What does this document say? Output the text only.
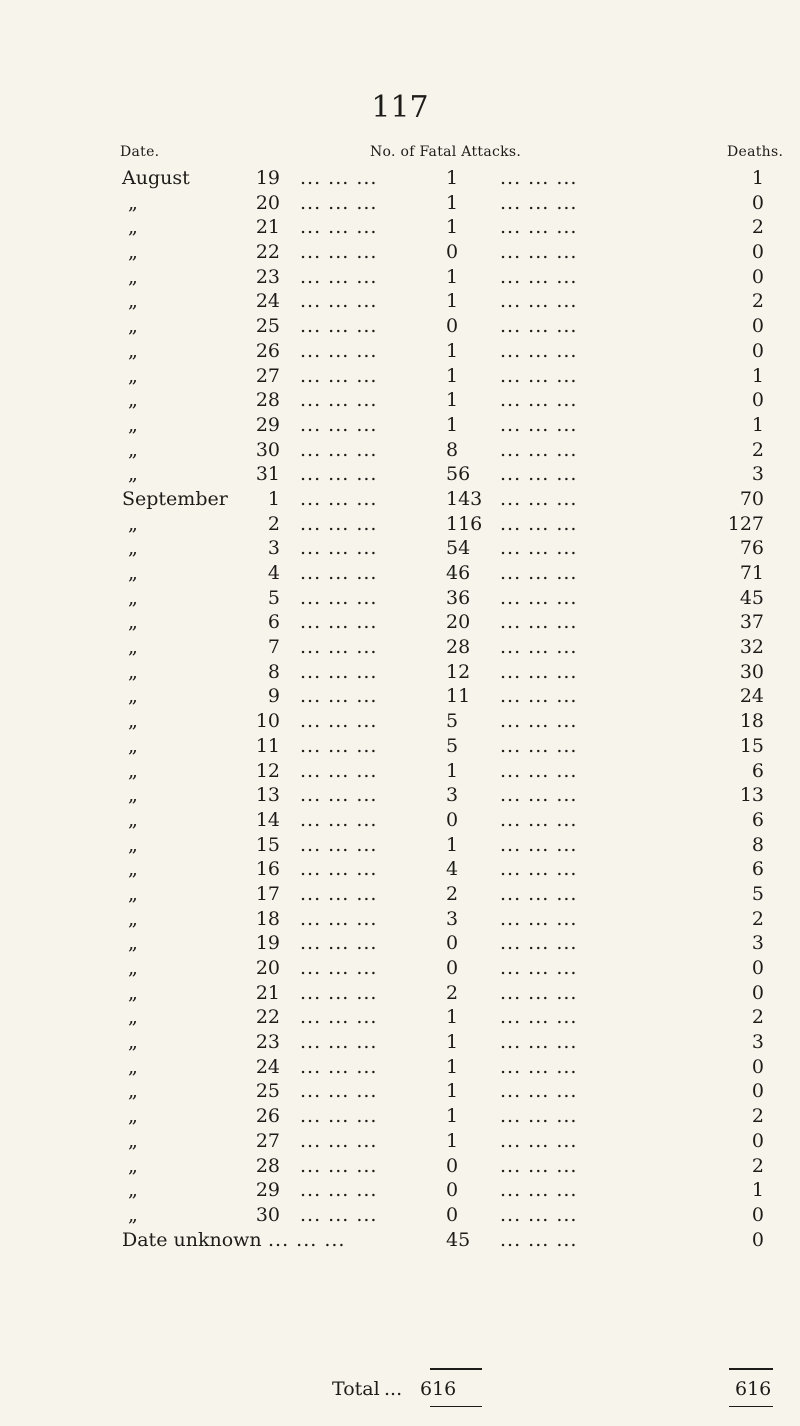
117
Date.	No. of Fatal Attacks.	Deaths.
August	19 ... ... ...	1 ... ... ...	1
„	20 ... ... ...	1 ... ... ...	0
„	21 ... ... ...	1 ... ... ...	2
„	22 ... ... ...	0 ... ... ...	0
„	23 ... ... ...	1 ... ... ...	0
„	24 ... ... ...	1 ... ... ...	2
„	25 ... ... ...	0 ... ... ...	0
„	26 ... ... ...	1 ... ... ...	0
„	27 ... ... ...	1 ... ... ...	1
„	28 ... ... ...	1 ... ... ...	0
„	29 ... ... ...	1 ... ... ...	1
„	30 ... ... ...	8 ... ... ...	2
„	31 ... ... ...	56 ... ... ...	3
September 1 ... ... ...	143 ... ... ...	70
„	2 ... ... ...	116 ... ... ...	127
„	3 ... ... ...	54 ... ... ...	76
„	4 ... ... ...	46 ... ... ...	71
„	5 ... ... ...	36 ... ... ...	45
„	6 ... ... ...	20 ... ... ...	37
„	7 ... ... ...	28 ... ... ...	32
„	8 ... ... ...	12 ... ... ...	30
„	9 ... ... ...	11 ... ... ...	24
„	10 ... ... ...	5 ... ... ...	18
„	11 ... ... ...	5 ... ... ...	15
„	12 ... ... ...	1 ... ... ...	6
„	13 ... ... ...	3 ... ... ...	13
„	14 ... ... ...	0 ... ... ...	6
„	15 ... ... ...	1 ... ... ...	8
„	16 ... ... ...	4 ... ... ...	6
„	17 ... ... ...	2 ... ... ...	5
„	18 ... ... ...	3 ... ... ...	2
„	19 ... ... ...	0 ... ... ...	3
„	20 ... ... ...	0 ... ... ...	0
„	21 ... ... ...	2 ... ... ...	0
„	22 ... ... ...	1 ... ... ...	2
„	23 ... ... ...	1 ... ... ...	3
„	24 ... ... ...	1 ... ... ...	0
„	25 ... ... ...	1 ... ... ...	0
„	26 ... ... ...	1 ... ... ...	2
„	27 ... ... ...	1 ... ... ...	0
„	28 ... ... ...	0 ... ... ...	2
„	29 ... ... ...	0 ... ... ...	1
„	30 ... ... ...	0 ... ... ...	0
Date unknown ... ... ...	45 ... ... ...	0
Total ... 616	616
